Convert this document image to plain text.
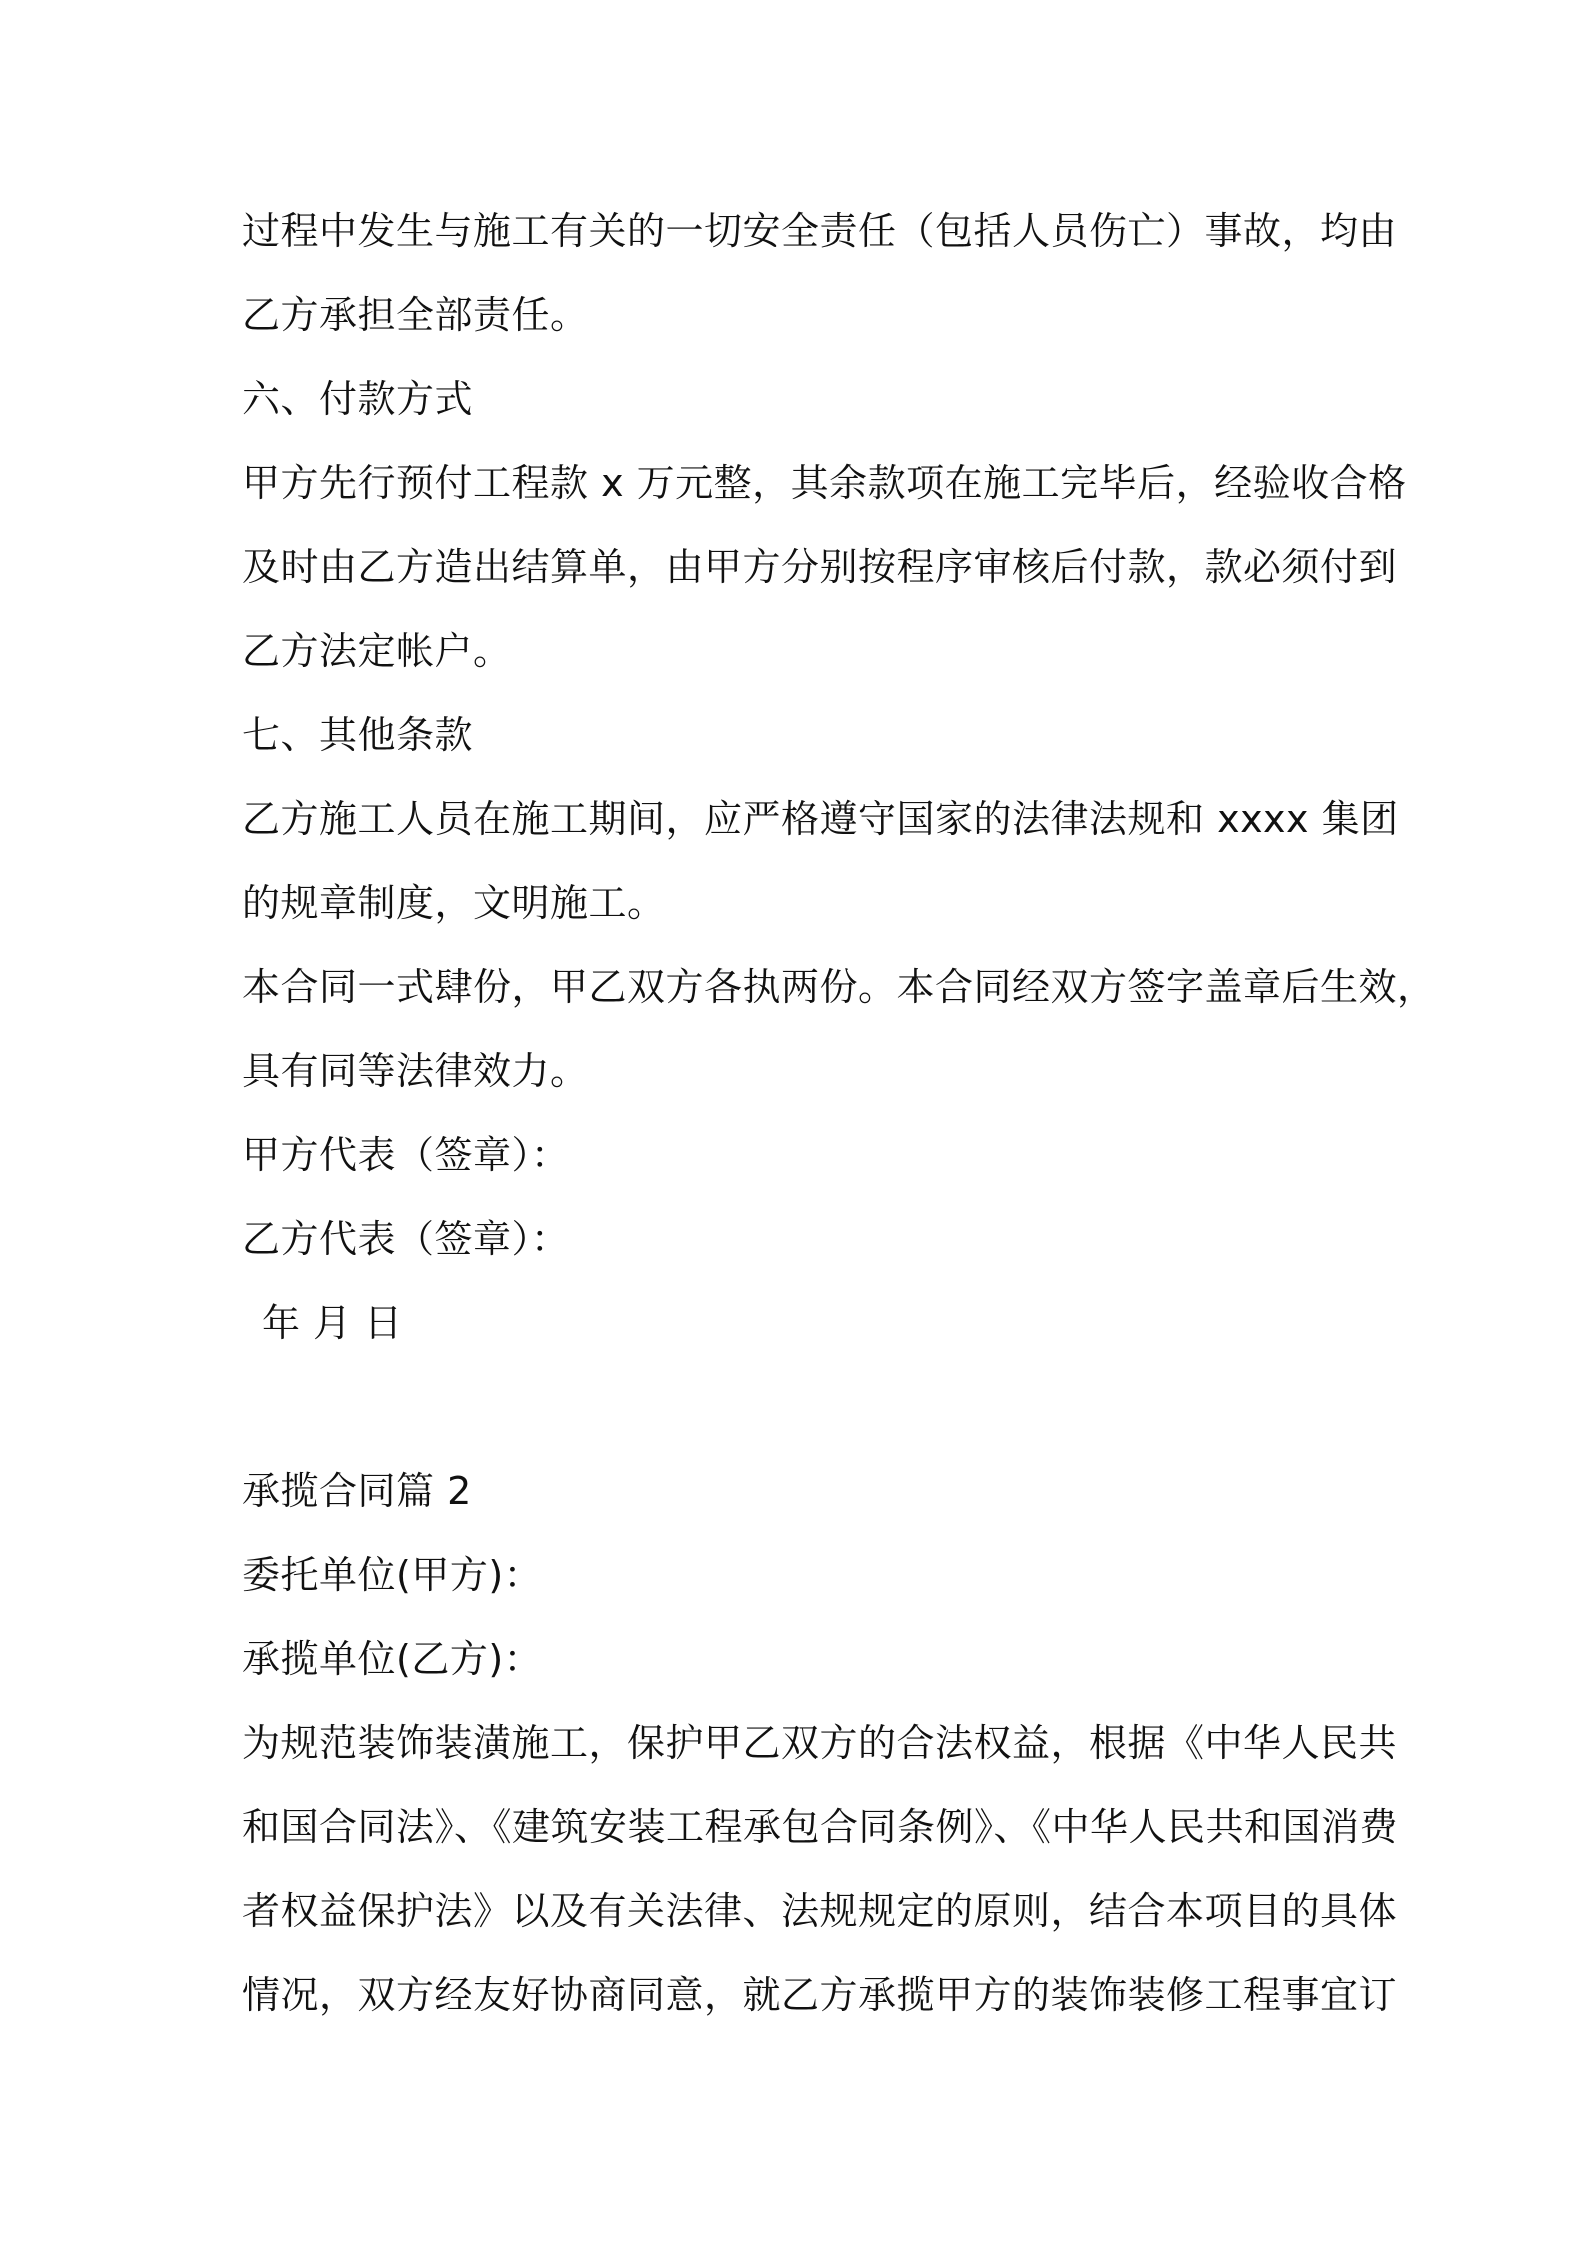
过程中发生与施工有关的一切安全责任（包括人员伤亡）事故，均由
乙方承担全部责任。
六、付款方式
甲方先行预付工程款 x 万元整，其余款项在施工完毕后，经验收合格
及时由乙方造出结算单，由甲方分别按程序审核后付款，款必须付到
乙方法定帐户。
七、其他条款
乙方施工人员在施工期间，应严格遵守国家的法律法规和 xxxx 集团
的规章制度，文明施工。
本合同一式肆份，甲乙双方各执两份。本合同经双方签字盖章后生效，
具有同等法律效力。
甲方代表（签章）：
乙方代表（签章）：
年 月 日
承揽合同篇 2
委托单位(甲方)：
承揽单位(乙方)：
为规范装饰装潢施工，保护甲乙双方的合法权益，根据《中华人民共
和国合同法》、《建筑安装工程承包合同条例》、《中华人民共和国消费
者权益保护法》以及有关法律、法规规定的原则，结合本项目的具体
情况，双方经友好协商同意，就乙方承揽甲方的装饰装修工程事宜订
